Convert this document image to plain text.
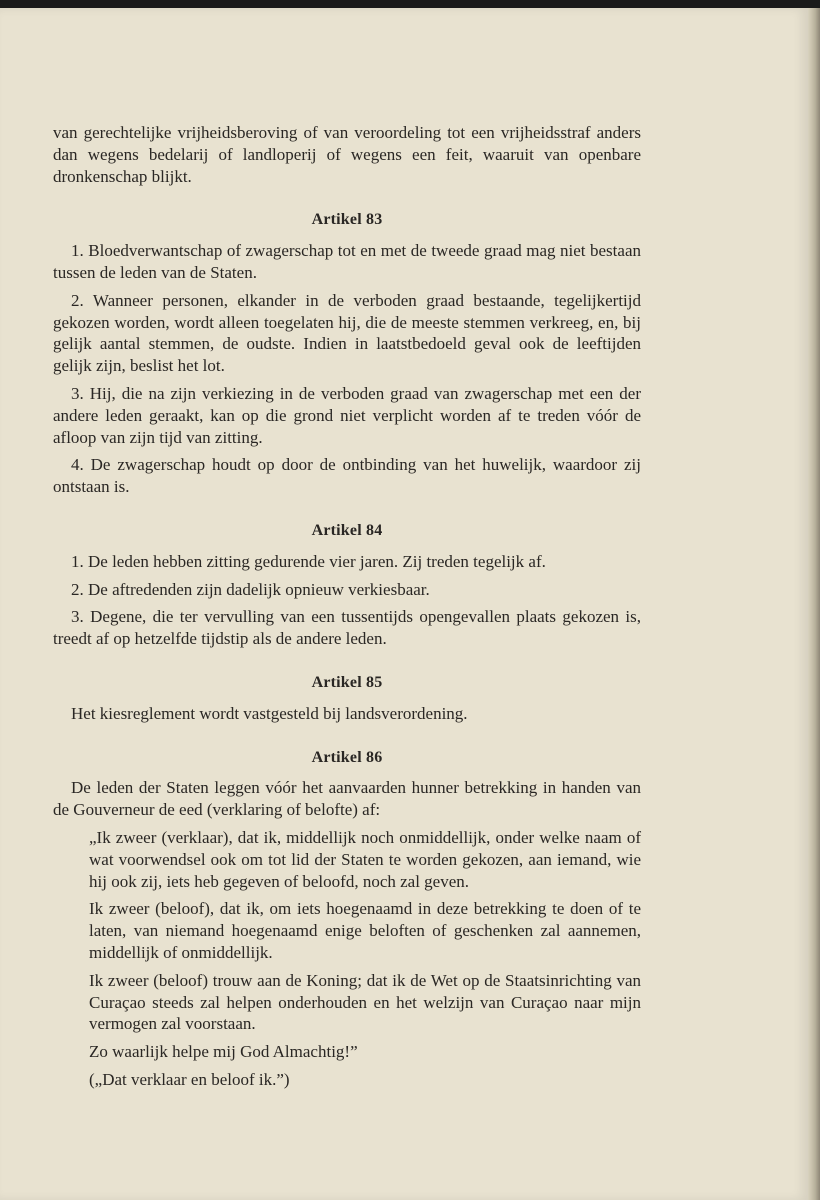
van gerechtelijke vrijheidsberoving of van veroordeling tot een vrijheidsstraf anders dan wegens bedelarij of landloperij of wegens een feit, waaruit van openbare dronkenschap blijkt.

Artikel 83

1. Bloedverwantschap of zwagerschap tot en met de tweede graad mag niet bestaan tussen de leden van de Staten.

2. Wanneer personen, elkander in de verboden graad bestaande, tegelijkertijd gekozen worden, wordt alleen toegelaten hij, die de meeste stemmen verkreeg, en, bij gelijk aantal stemmen, de oudste. Indien in laatstbedoeld geval ook de leeftijden gelijk zijn, beslist het lot.

3. Hij, die na zijn verkiezing in de verboden graad van zwagerschap met een der andere leden geraakt, kan op die grond niet verplicht worden af te treden vóór de afloop van zijn tijd van zitting.

4. De zwagerschap houdt op door de ontbinding van het huwelijk, waardoor zij ontstaan is.

Artikel 84

1. De leden hebben zitting gedurende vier jaren. Zij treden tegelijk af.

2. De aftredenden zijn dadelijk opnieuw verkiesbaar.

3. Degene, die ter vervulling van een tussentijds opengevallen plaats gekozen is, treedt af op hetzelfde tijdstip als de andere leden.

Artikel 85

Het kiesreglement wordt vastgesteld bij landsverordening.

Artikel 86

De leden der Staten leggen vóór het aanvaarden hunner betrekking in handen van de Gouverneur de eed (verklaring of belofte) af:

„Ik zweer (verklaar), dat ik, middellijk noch onmiddellijk, onder welke naam of wat voorwendsel ook om tot lid der Staten te worden gekozen, aan iemand, wie hij ook zij, iets heb gegeven of beloofd, noch zal geven.

Ik zweer (beloof), dat ik, om iets hoegenaamd in deze betrekking te doen of te laten, van niemand hoegenaamd enige beloften of geschenken zal aannemen, middellijk of onmiddellijk.

Ik zweer (beloof) trouw aan de Koning; dat ik de Wet op de Staatsinrichting van Curaçao steeds zal helpen onderhouden en het welzijn van Curaçao naar mijn vermogen zal voorstaan.

Zo waarlijk helpe mij God Almachtig!”

(„Dat verklaar en beloof ik.”)
